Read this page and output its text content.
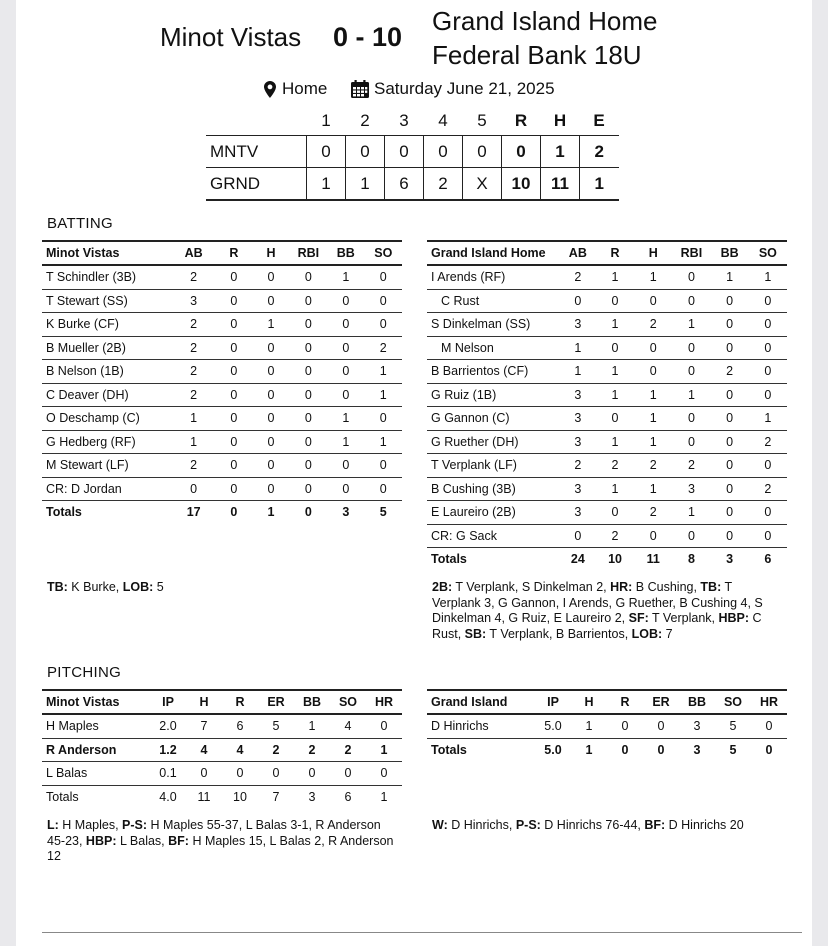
Minot Vistas 0 - 10
Grand Island Home Federal Bank 18U
Home	Saturday June 21, 2025
	1	2	3	4	5	R	H	E
MNTV	0	0	0	0	0	0	1	2
GRND	1	1	6	2	X	10	11	1
BATTING
Minot Vistas	AB	R	H	RBI	BB	SO
T Schindler (3B)	2	0	0	0	1	0
T Stewart (SS)	3	0	0	0	0	0
K Burke (CF)	2	0	1	0	0	0
B Mueller (2B)	2	0	0	0	0	2
B Nelson (1B)	2	0	0	0	0	1
C Deaver (DH)	2	0	0	0	0	1
O Deschamp (C)	1	0	0	0	1	0
G Hedberg (RF)	1	0	0	0	1	1
M Stewart (LF)	2	0	0	0	0	0
CR: D Jordan	0	0	0	0	0	0
Totals	17	0	1	0	3	5
Grand Island Home	AB	R	H	RBI	BB	SO
I Arends (RF)	2	1	1	0	1	1
C Rust	0	0	0	0	0	0
S Dinkelman (SS)	3	1	2	1	0	0
M Nelson	1	0	0	0	0	0
B Barrientos (CF)	1	1	0	0	2	0
G Ruiz (1B)	3	1	1	1	0	0
G Gannon (C)	3	0	1	0	0	1
G Ruether (DH)	3	1	1	0	0	2
T Verplank (LF)	2	2	2	2	0	0
B Cushing (3B)	3	1	1	3	0	2
E Laureiro (2B)	3	0	2	1	0	0
CR: G Sack	0	2	0	0	0	0
Totals	24	10	11	8	3	6
TB: K Burke, LOB: 5	2B: T Verplank, S Dinkelman 2, HR: B Cushing, TB: T Verplank 3, G Gannon, I Arends, G Ruether, B Cushing 4, S Dinkelman 4, G Ruiz, E Laureiro 2, SF: T Verplank, HBP: C Rust, SB: T Verplank, B Barrientos, LOB: 7
PITCHING
Minot Vistas	IP	H	R	ER	BB	SO	HR
H Maples	2.0	7	6	5	1	4	0
R Anderson	1.2	4	4	2	2	2	1
L Balas	0.1	0	0	0	0	0	0
Totals	4.0	11	10	7	3	6	1
Grand Island	IP	H	R	ER	BB	SO	HR
D Hinrichs	5.0	1	0	0	3	5	0
Totals	5.0	1	0	0	3	5	0
L: H Maples, P-S: H Maples 55-37, L Balas 3-1, R Anderson 45-23, HBP: L Balas, BF: H Maples 15, L Balas 2, R Anderson 12
W: D Hinrichs, P-S: D Hinrichs 76-44, BF: D Hinrichs 20
